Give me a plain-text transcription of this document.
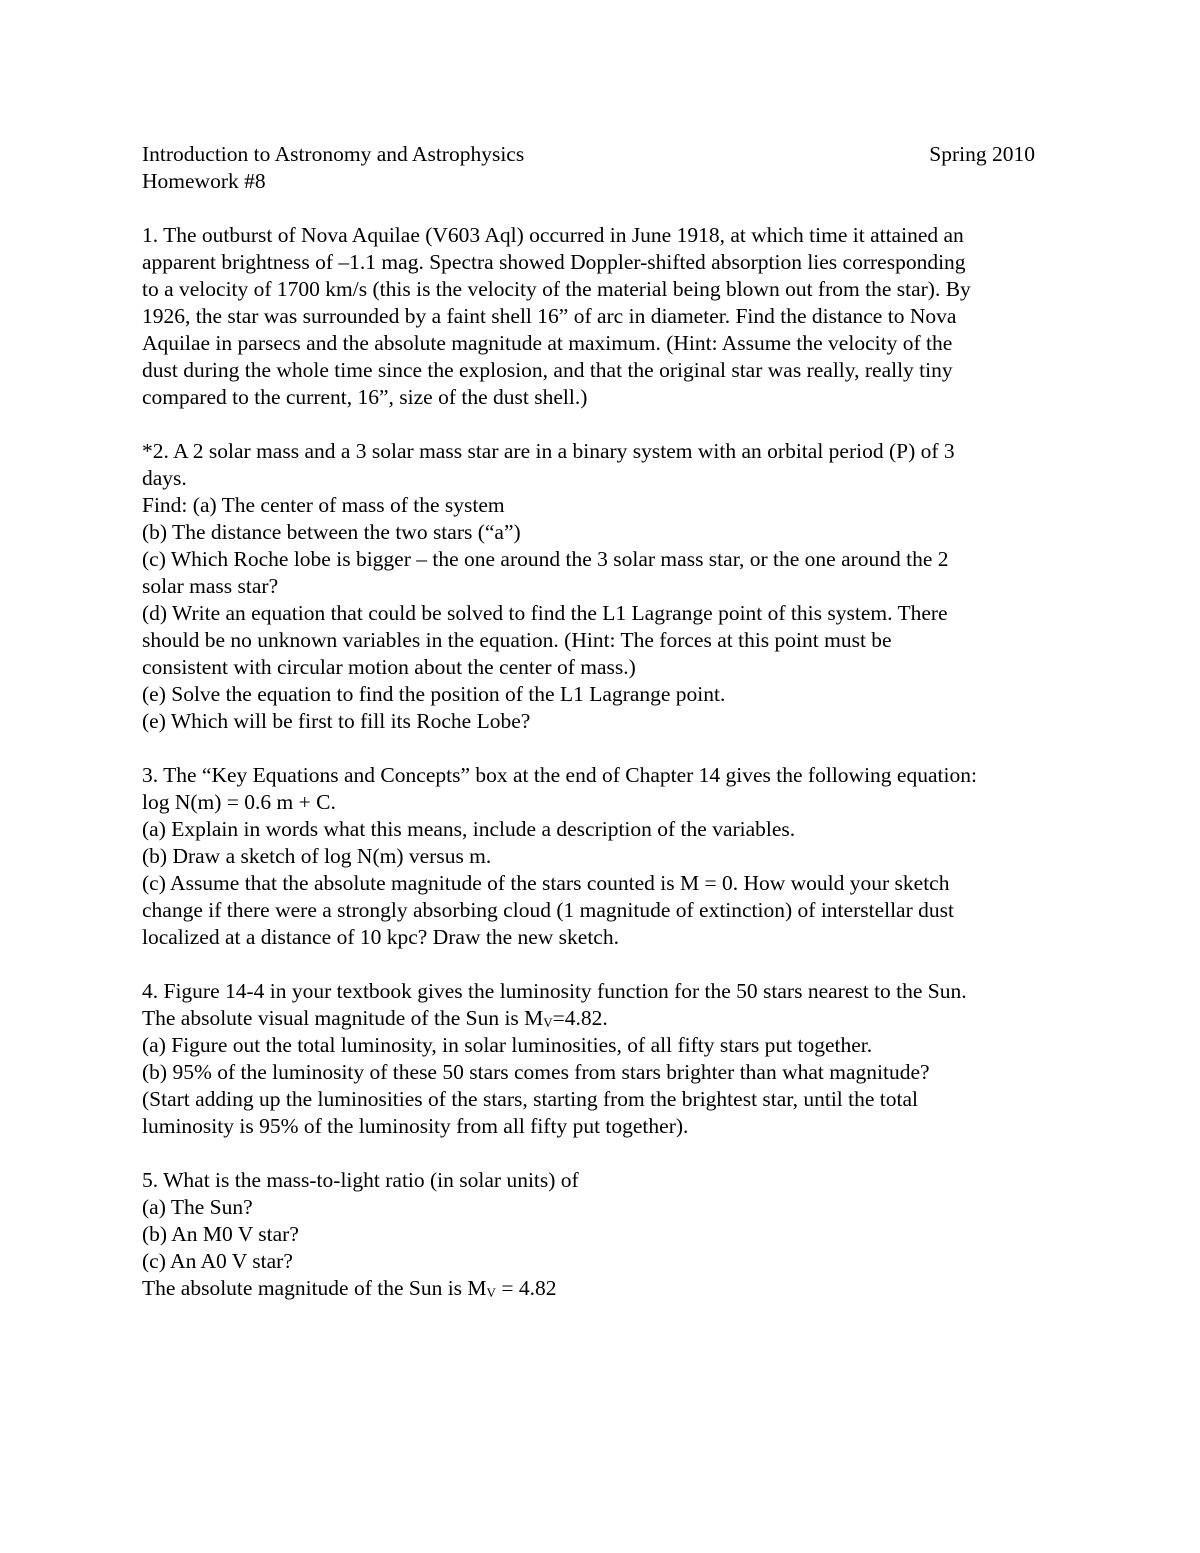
Introduction to Astronomy and Astrophysics	Spring 2010
Homework #8
1. The outburst of Nova Aquilae (V603 Aql) occurred in June 1918, at which time it attained an
apparent brightness of –1.1 mag. Spectra showed Doppler-shifted absorption lies corresponding
to a velocity of 1700 km/s (this is the velocity of the material being blown out from the star). By
1926, the star was surrounded by a faint shell 16” of arc in diameter. Find the distance to Nova
Aquilae in parsecs and the absolute magnitude at maximum. (Hint: Assume the velocity of the
dust during the whole time since the explosion, and that the original star was really, really tiny
compared to the current, 16”, size of the dust shell.)
*2. A 2 solar mass and a 3 solar mass star are in a binary system with an orbital period (P) of 3
days.
Find: (a) The center of mass of the system
(b) The distance between the two stars (“a”)
(c) Which Roche lobe is bigger – the one around the 3 solar mass star, or the one around the 2
solar mass star?
(d) Write an equation that could be solved to find the L1 Lagrange point of this system. There
should be no unknown variables in the equation. (Hint: The forces at this point must be
consistent with circular motion about the center of mass.)
(e) Solve the equation to find the position of the L1 Lagrange point.
(e) Which will be first to fill its Roche Lobe?
3. The “Key Equations and Concepts” box at the end of Chapter 14 gives the following equation:
log N(m) = 0.6 m + C.
(a) Explain in words what this means, include a description of the variables.
(b) Draw a sketch of log N(m) versus m.
(c) Assume that the absolute magnitude of the stars counted is M = 0. How would your sketch
change if there were a strongly absorbing cloud (1 magnitude of extinction) of interstellar dust
localized at a distance of 10 kpc? Draw the new sketch.
4. Figure 14-4 in your textbook gives the luminosity function for the 50 stars nearest to the Sun.
The absolute visual magnitude of the Sun is $M_V=4.82$.
(a) Figure out the total luminosity, in solar luminosities, of all fifty stars put together.
(b) 95% of the luminosity of these 50 stars comes from stars brighter than what magnitude?
(Start adding up the luminosities of the stars, starting from the brightest star, until the total
luminosity is 95% of the luminosity from all fifty put together).
5. What is the mass-to-light ratio (in solar units) of
(a) The Sun?
(b) An M0 V star?
(c) An A0 V star?
The absolute magnitude of the Sun is $M_V = 4.82$
